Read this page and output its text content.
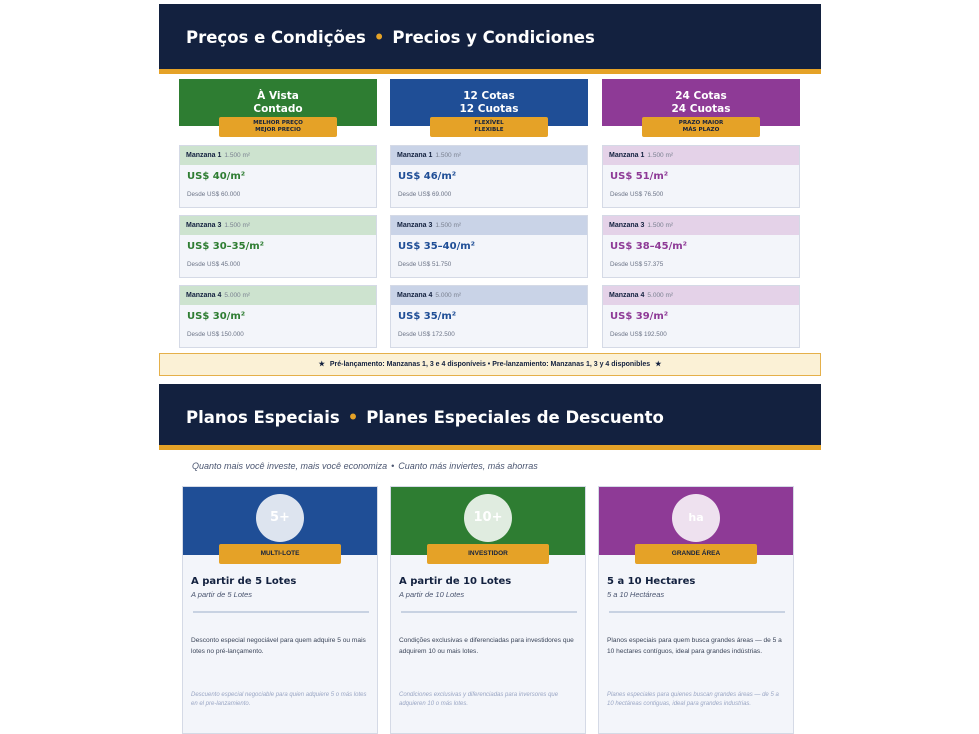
Preços e Condições • Precios y Condiciones
À Vista
Contado
MELHOR PREÇO
MEJOR PRECIO
12 Cotas
12 Cuotas
FLEXÍVEL
FLEXIBLE
24 Cotas
24 Cuotas
PRAZO MAIOR
MÁS PLAZO
Manzana 1 1.500 m²
US$ 40/m²
Desde US$ 60.000
Manzana 3 1.500 m²
US$ 30–35/m²
Desde US$ 45.000
Manzana 4 5.000 m²
US$ 30/m²
Desde US$ 150.000
Manzana 1 1.500 m²
US$ 46/m²
Desde US$ 69.000
Manzana 3 1.500 m²
US$ 35–40/m²
Desde US$ 51.750
Manzana 4 5.000 m²
US$ 35/m²
Desde US$ 172.500
Manzana 1 1.500 m²
US$ 51/m²
Desde US$ 76.500
Manzana 3 1.500 m²
US$ 38–45/m²
Desde US$ 57.375
Manzana 4 5.000 m²
US$ 39/m²
Desde US$ 192.500
★ Pré-lançamento: Manzanas 1, 3 e 4 disponíveis • Pre-lanzamiento: Manzanas 1, 3 y 4 disponibles ★
Planos Especiais • Planes Especiales de Descuento
Quanto mais você investe, mais você economiza • Cuanto más inviertes, más ahorras
5+
MULTI-LOTE
A partir de 5 Lotes
A partir de 5 Lotes
Desconto especial negociável para quem adquire 5 ou mais lotes no pré-lançamento.
Descuento especial negociable para quien adquiere 5 o más lotes en el pre-lanzamiento.
10+
INVESTIDOR
A partir de 10 Lotes
A partir de 10 Lotes
Condições exclusivas e diferenciadas para investidores que adquirem 10 ou mais lotes.
Condiciones exclusivas y diferenciadas para inversores que adquieren 10 o más lotes.
ha
GRANDE ÁREA
5 a 10 Hectares
5 a 10 Hectáreas
Planos especiais para quem busca grandes áreas — de 5 a 10 hectares contíguos, ideal para grandes indústrias.
Planes especiales para quienes buscan grandes áreas — de 5 a 10 hectáreas contiguas, ideal para grandes industrias.
